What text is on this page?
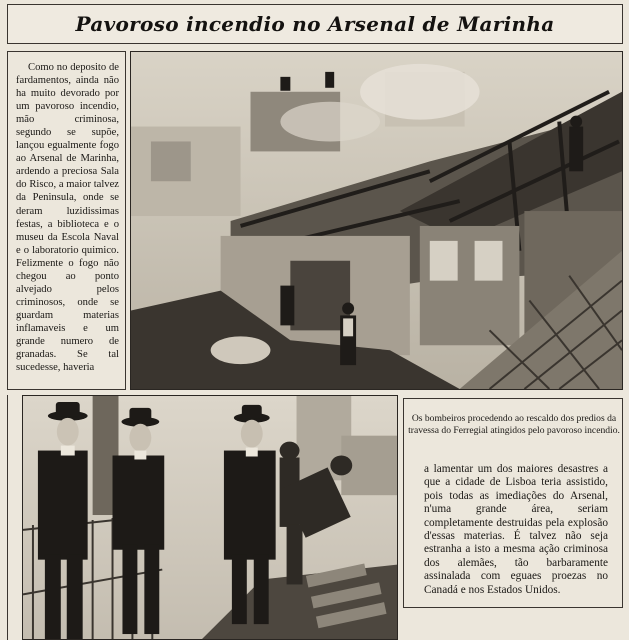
Pavoroso incendio no Arsenal de Marinha

Como no deposito de fardamentos, ainda não ha muito devorado por um pavoroso incendio, mão criminosa, segundo se supõe, lançou egualmente fogo ao Arsenal de Marinha, ardendo a preciosa Sala do Risco, a maior talvez da Peninsula, onde se deram luzidissimas festas, a biblioteca e o museu da Escola Naval e o laboratorio quimico. Felizmente o fogo não chegou ao ponto alvejado pelos criminosos, onde se guardam materias inflamaveis e um grande numero de granadas. Se tal sucedesse, haveria

Os bombeiros procedendo ao rescaldo dos predios da travessa do Ferregial atingidos pelo pavoroso incendio.

a lamentar um dos maiores desastres a que a cidade de Lisboa teria assistido, pois todas as imediações do Arsenal, n'uma grande área, seriam completamente destruidas pela explosão d'essas materias. É talvez não seja estranha a isto a mesma ação criminosa dos alemães, tão barbaramente assinalada com eguaes proezas no Canadá e nos Estados Unidos.
